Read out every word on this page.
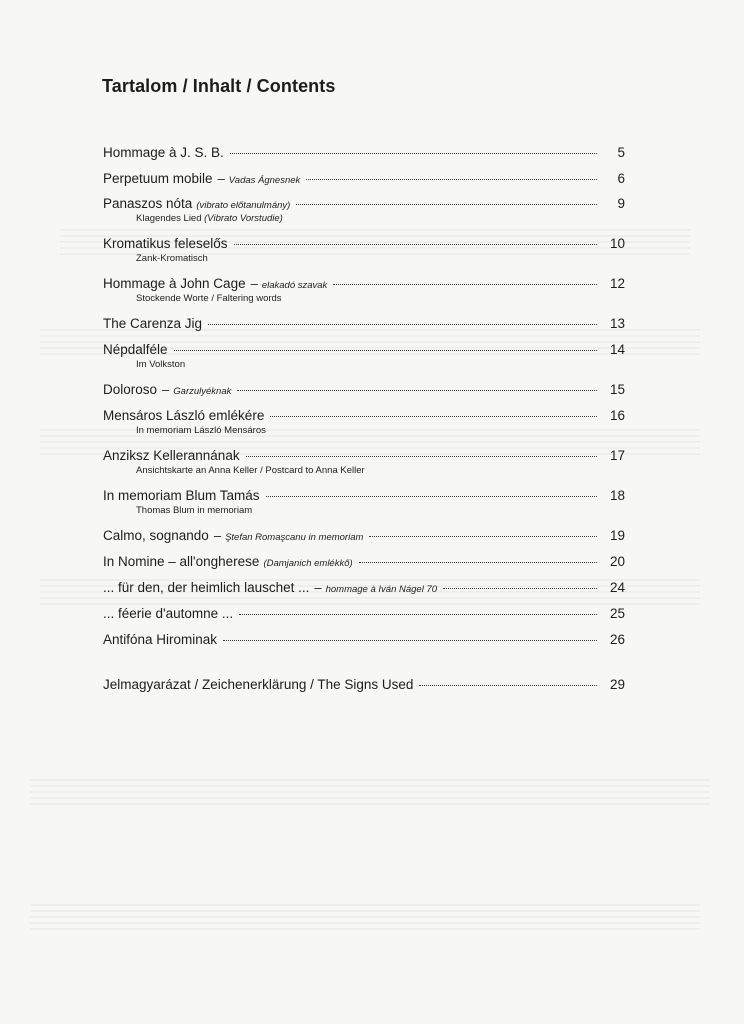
Tartalom / Inhalt / Contents
Hommage à J. S. B.	5
Perpetuum mobile – Vadas Ágnesnek	6
Panaszos nóta (vibrato előtanulmány)	9
Klagendes Lied (Vibrato Vorstudie)
Kromatikus feleselős	10
Zank-Kromatisch
Hommage à John Cage – elakadó szavak	12
Stockende Worte / Faltering words
The Carenza Jig	13
Népdalféle	14
Im Volkston
Doloroso – Garzulyéknak	15
Mensáros László emlékére	16
In memoriam László Mensáros
Anziksz Kellerannának	17
Ansichtskarte an Anna Keller / Postcard to Anna Keller
In memoriam Blum Tamás	18
Thomas Blum in memoriam
Calmo, sognando – Ştefan Romaşcanu in memoriam	19
In Nomine – all'ongherese (Damjanich emlékkő)	20
... für den, der heimlich lauschet ... – hommage à Iván Nágel 70	24
... féerie d'automne ...	25
Antifóna Hirominak	26
Jelmagyarázat / Zeichenerklärung / The Signs Used	29
